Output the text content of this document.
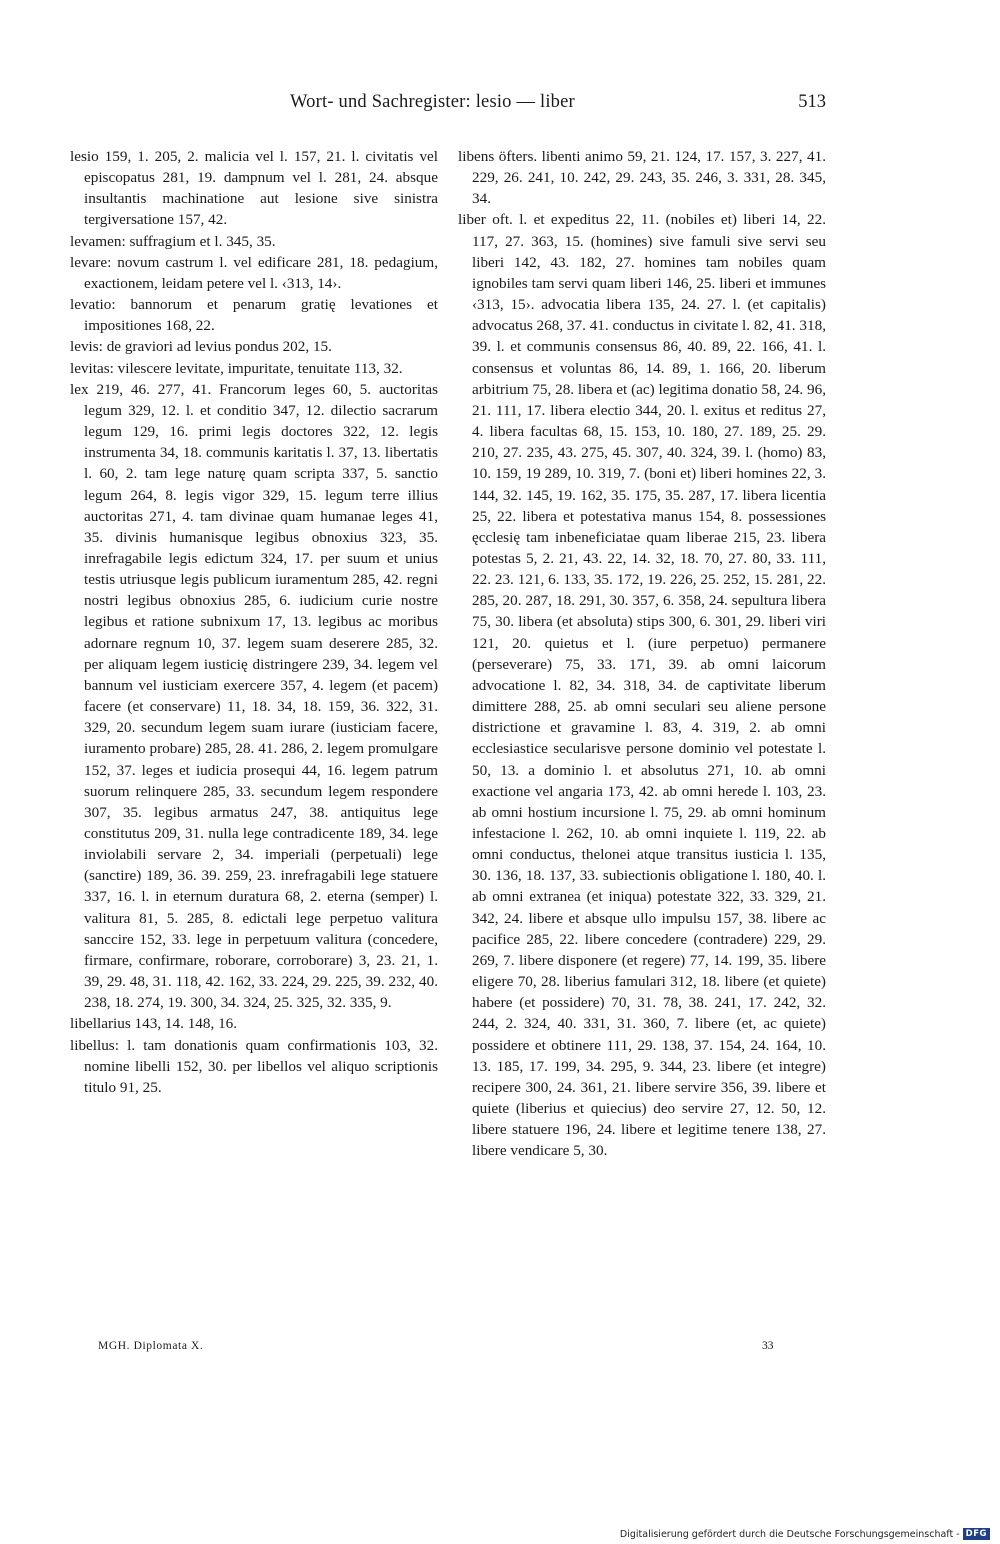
Wort- und Sachregister: lesio — liber	513

lesio 159, 1. 205, 2. malicia vel l. 157, 21. l. civitatis vel episcopatus 281, 19. dampnum vel l. 281, 24. absque insultantis machinatione aut lesione sive sinistra tergiversatione 157, 42.

levamen: suffragium et l. 345, 35.

levare: novum castrum l. vel edificare 281, 18. pedagium, exactionem, leidam petere vel l. ‹313, 14›.

levatio: bannorum et penarum gratię levationes et impositiones 168, 22.

levis: de graviori ad levius pondus 202, 15.

levitas: vilescere levitate, impuritate, tenuitate 113, 32.

lex 219, 46. 277, 41. Francorum leges 60, 5. auctoritas legum 329, 12. l. et conditio 347, 12. dilectio sacrarum legum 129, 16. primi legis doctores 322, 12. legis instrumenta 34, 18. communis karitatis l. 37, 13. libertatis l. 60, 2. tam lege naturę quam scripta 337, 5. sanctio legum 264, 8. legis vigor 329, 15. legum terre illius auctoritas 271, 4. tam divinae quam humanae leges 41, 35. divinis humanisque legibus obnoxius 323, 35. inrefragabile legis edictum 324, 17. per suum et unius testis utriusque legis publicum iuramentum 285, 42. regni nostri legibus obnoxius 285, 6. iudicium curie nostre legibus et ratione subnixum 17, 13. legibus ac moribus adornare regnum 10, 37. legem suam deserere 285, 32. per aliquam legem iusticię distringere 239, 34. legem vel bannum vel iusticiam exercere 357, 4. legem (et pacem) facere (et conservare) 11, 18. 34, 18. 159, 36. 322, 31. 329, 20. secundum legem suam iurare (iusticiam facere, iuramento probare) 285, 28. 41. 286, 2. legem promulgare 152, 37. leges et iudicia prosequi 44, 16. legem patrum suorum relinquere 285, 33. secundum legem respondere 307, 35. legibus armatus 247, 38. antiquitus lege constitutus 209, 31. nulla lege contradicente 189, 34. lege inviolabili servare 2, 34. imperiali (perpetuali) lege (sanctire) 189, 36. 39. 259, 23. inrefragabili lege statuere 337, 16. l. in eternum duratura 68, 2. eterna (semper) l. valitura 81, 5. 285, 8. edictali lege perpetuo valitura sanccire 152, 33. lege in perpetuum valitura (concedere, firmare, confirmare, roborare, corroborare) 3, 23. 21, 1. 39, 29. 48, 31. 118, 42. 162, 33. 224, 29. 225, 39. 232, 40. 238, 18. 274, 19. 300, 34. 324, 25. 325, 32. 335, 9.

libellarius 143, 14. 148, 16.

libellus: l. tam donationis quam confirmationis 103, 32. nomine libelli 152, 30. per libellos vel aliquo scriptionis titulo 91, 25.

libens öfters. libenti animo 59, 21. 124, 17. 157, 3. 227, 41. 229, 26. 241, 10. 242, 29. 243, 35. 246, 3. 331, 28. 345, 34.

liber oft. l. et expeditus 22, 11. (nobiles et) liberi 14, 22. 117, 27. 363, 15. (homines) sive famuli sive servi seu liberi 142, 43. 182, 27. homines tam nobiles quam ignobiles tam servi quam liberi 146, 25. liberi et immunes ‹313, 15›. advocatia libera 135, 24. 27. l. (et capitalis) advocatus 268, 37. 41. conductus in civitate l. 82, 41. 318, 39. l. et communis consensus 86, 40. 89, 22. 166, 41. l. consensus et voluntas 86, 14. 89, 1. 166, 20. liberum arbitrium 75, 28. libera et (ac) legitima donatio 58, 24. 96, 21. 111, 17. libera electio 344, 20. l. exitus et reditus 27, 4. libera facultas 68, 15. 153, 10. 180, 27. 189, 25. 29. 210, 27. 235, 43. 275, 45. 307, 40. 324, 39. l. (homo) 83, 10. 159, 19 289, 10. 319, 7. (boni et) liberi homines 22, 3. 144, 32. 145, 19. 162, 35. 175, 35. 287, 17. libera licentia 25, 22. libera et potestativa manus 154, 8. possessiones ęcclesię tam inbeneficiatae quam liberae 215, 23. libera potestas 5, 2. 21, 43. 22, 14. 32, 18. 70, 27. 80, 33. 111, 22. 23. 121, 6. 133, 35. 172, 19. 226, 25. 252, 15. 281, 22. 285, 20. 287, 18. 291, 30. 357, 6. 358, 24. sepultura libera 75, 30. libera (et absoluta) stips 300, 6. 301, 29. liberi viri 121, 20. quietus et l. (iure perpetuo) permanere (perseverare) 75, 33. 171, 39. ab omni laicorum advocatione l. 82, 34. 318, 34. de captivitate liberum dimittere 288, 25. ab omni seculari seu aliene persone districtione et gravamine l. 83, 4. 319, 2. ab omni ecclesiastice secularisve persone dominio vel potestate l. 50, 13. a dominio l. et absolutus 271, 10. ab omni exactione vel angaria 173, 42. ab omni herede l. 103, 23. ab omni hostium incursione l. 75, 29. ab omni hominum infestacione l. 262, 10. ab omni inquiete l. 119, 22. ab omni conductus, thelonei atque transitus iusticia l. 135, 30. 136, 18. 137, 33. subiectionis obligatione l. 180, 40. l. ab omni extranea (et iniqua) potestate 322, 33. 329, 21. 342, 24. libere et absque ullo impulsu 157, 38. libere ac pacifice 285, 22. libere concedere (contradere) 229, 29. 269, 7. libere disponere (et regere) 77, 14. 199, 35. libere eligere 70, 28. liberius famulari 312, 18. libere (et quiete) habere (et possidere) 70, 31. 78, 38. 241, 17. 242, 32. 244, 2. 324, 40. 331, 31. 360, 7. libere (et, ac quiete) possidere et obtinere 111, 29. 138, 37. 154, 24. 164, 10. 13. 185, 17. 199, 34. 295, 9. 344, 23. libere (et integre) recipere 300, 24. 361, 21. libere servire 356, 39. libere et quiete (liberius et quiecius) deo servire 27, 12. 50, 12. libere statuere 196, 24. libere et legitime tenere 138, 27. libere vendicare 5, 30.

MGH. Diplomata X.	33
Digitalisierung gefördert durch die Deutsche Forschungsgemeinschaft - DFG
